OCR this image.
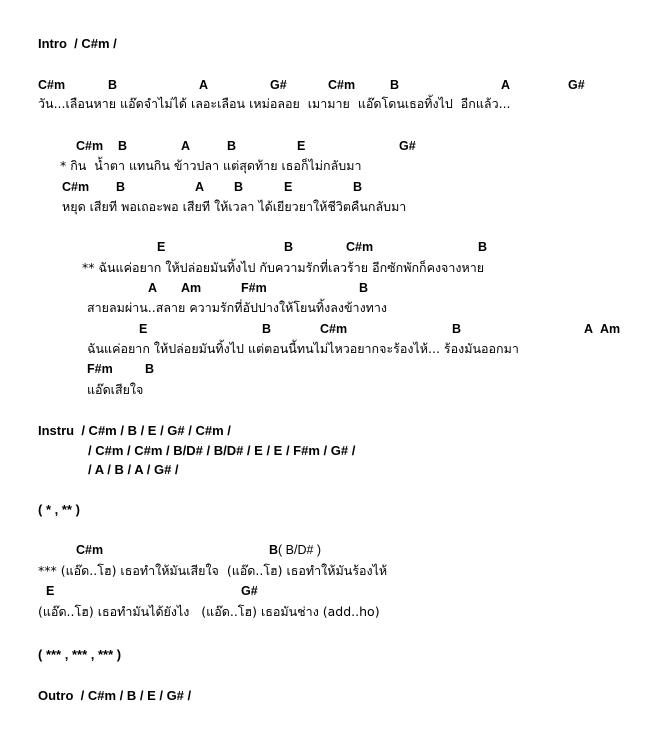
Intro  / C#m /
C#m	B	A	G#	C#m	B	A	G#
วัน...เลือนหาย แอ๊ดจำไม่ได้ เลอะเลือน เหม่อลอย  เมามาย  แอ๊ดโดนเธอทิ้งไป  อีกแล้ว...
C#m B	A	B	E	G#
* กิน  น้ำตา แทนกิน ข้าวปลา แต่สุดท้าย เธอก็ไม่กลับมา
C#m B	A B	E	B
หยุด เสียที พอเถอะพอ เสียที ให้เวลา ได้เยียวยาให้ชีวิตคืนกลับมา
E	B	C#m	B
** ฉันแค่อยาก ให้ปล่อยมันทิ้งไป กับความรักที่เลวร้าย อีกซักพักก็คงจางหาย
A Am	F#m	B
สายลมผ่าน..สลาย ความรักที่อัปปางให้โยนทิ้งลงข้างทาง
E	B	C#m	B	A Am
ฉันแค่อยาก ให้ปล่อยมันทิ้งไป แต่ตอนนี้ทนไม่ไหวอยากจะร้องไห้... ร้องมันออกมา
F#m	B
แอ๊ดเสียใจ
Instru  / C#m / B / E / G# / C#m /
/ C#m / C#m / B/D# / B/D# / E / E / F#m / G# /
/ A / B / A / G# /
( * , ** )
C#m	B( B/D# )
*** (แอ๊ด..โฮ) เธอทำให้มันเสียใจ  (แอ๊ด..โฮ) เธอทำให้มันร้องไห้
E	G#
(แอ๊ด..โฮ) เธอทำมันได้ยังไง   (แอ๊ด..โฮ) เธอมันช่าง (add..ho)
( *** , *** , *** )
Outro  / C#m / B / E / G# /
